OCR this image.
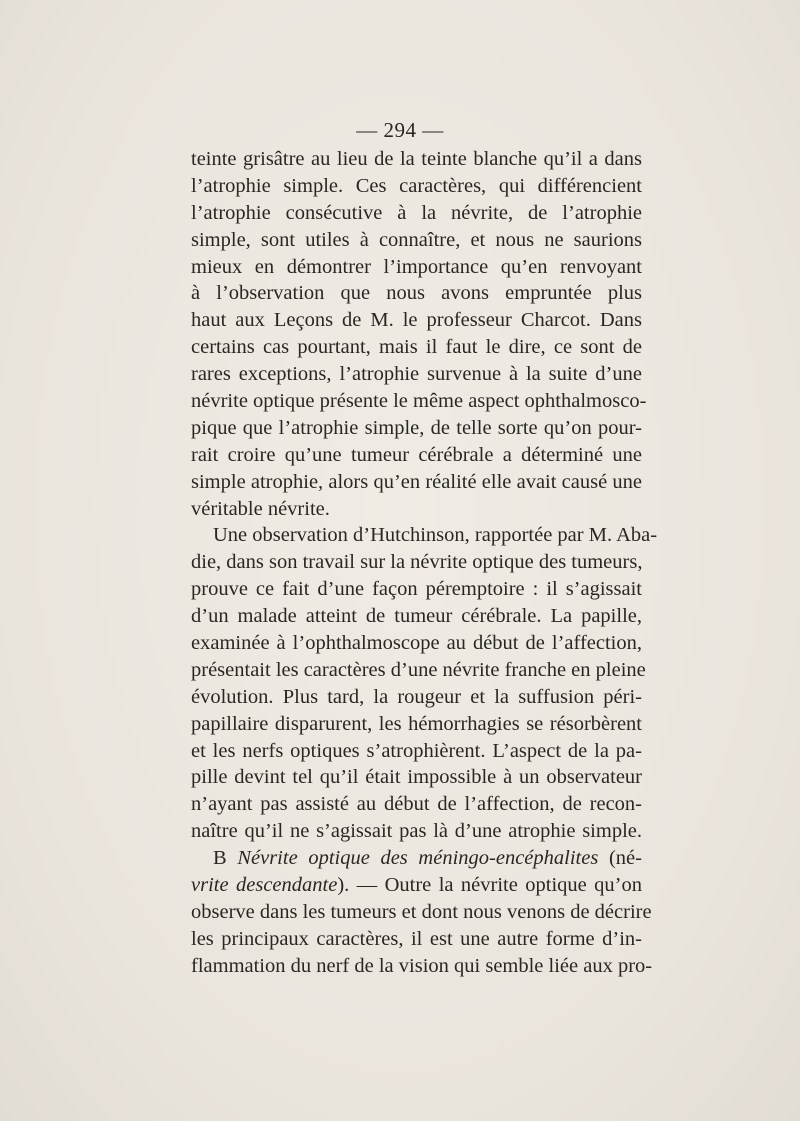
— 294 —
teinte grisâtre au lieu de la teinte blanche qu’il a dans
l’atrophie simple. Ces caractères, qui différencient
l’atrophie consécutive à la névrite, de l’atrophie
simple, sont utiles à connaître, et nous ne saurions
mieux en démontrer l’importance qu’en renvoyant
à l’observation que nous avons empruntée plus
haut aux Leçons de M. le professeur Charcot. Dans
certains cas pourtant, mais il faut le dire, ce sont de
rares exceptions, l’atrophie survenue à la suite d’une
névrite optique présente le même aspect ophthalmosco-
pique que l’atrophie simple, de telle sorte qu’on pour-
rait croire qu’une tumeur cérébrale a déterminé une
simple atrophie, alors qu’en réalité elle avait causé une
véritable névrite.
Une observation d’Hutchinson, rapportée par M. Aba-
die, dans son travail sur la névrite optique des tumeurs,
prouve ce fait d’une façon péremptoire : il s’agissait
d’un malade atteint de tumeur cérébrale. La papille,
examinée à l’ophthalmoscope au début de l’affection,
présentait les caractères d’une névrite franche en pleine
évolution. Plus tard, la rougeur et la suffusion péri-
papillaire disparurent, les hémorrhagies se résorbèrent
et les nerfs optiques s’atrophièrent. L’aspect de la pa-
pille devint tel qu’il était impossible à un observateur
n’ayant pas assisté au début de l’affection, de recon-
naître qu’il ne s’agissait pas là d’une atrophie simple.
B Névrite optique des méningo-encéphalites (né-
vrite descendante). — Outre la névrite optique qu’on
observe dans les tumeurs et dont nous venons de décrire
les principaux caractères, il est une autre forme d’in-
flammation du nerf de la vision qui semble liée aux pro-
